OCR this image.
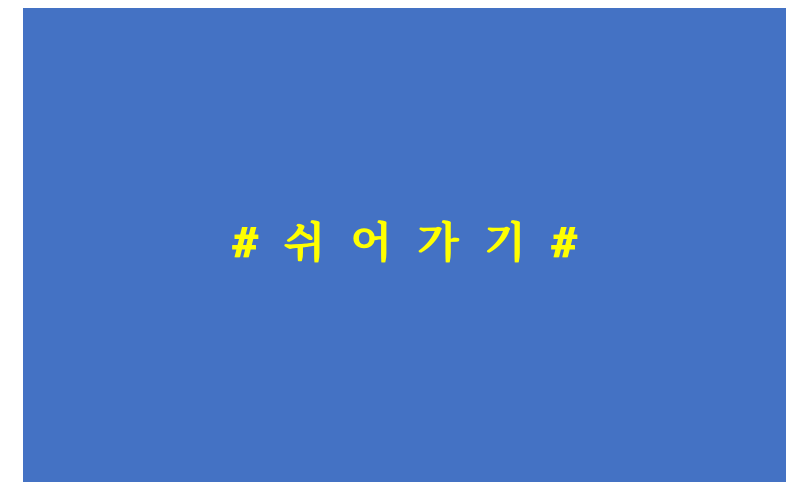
# 쉬 어 가 기 #
